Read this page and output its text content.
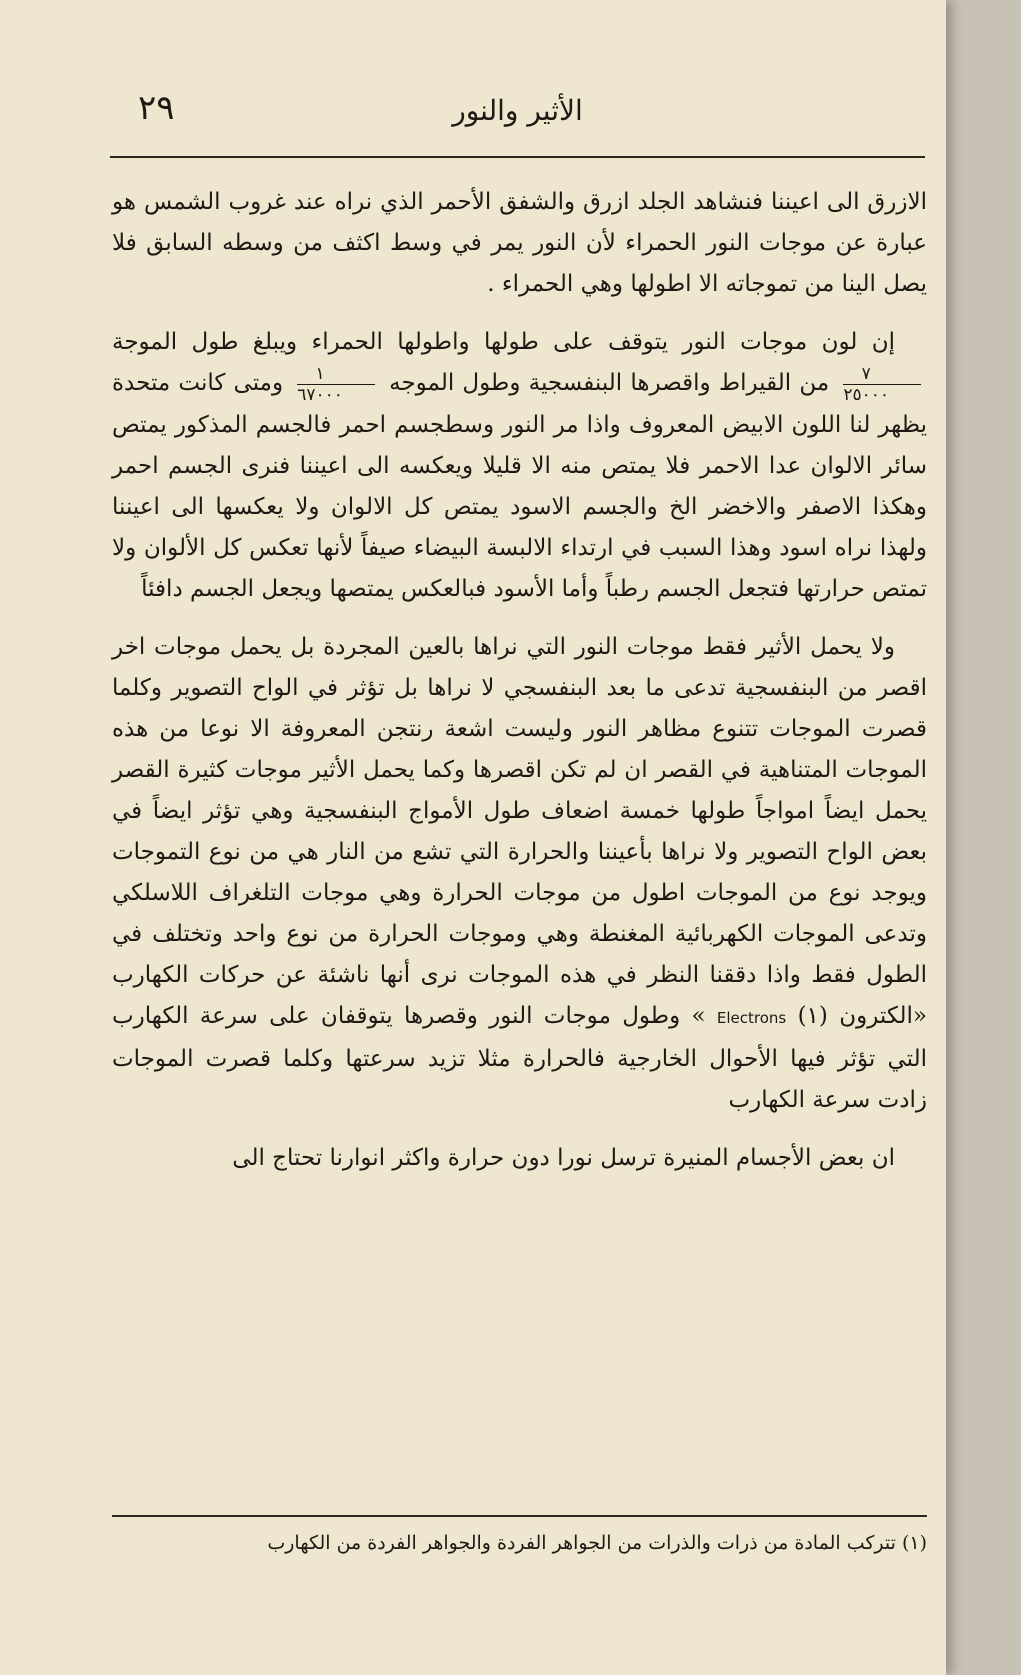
٢٩	الأثير والنور

الازرق الى اعيننا فنشاهد الجلد ازرق والشفق الأحمر الذي نراه عند غروب الشمس هو عبارة عن موجات النور الحمراء لأن النور يمر في وسط اكثف من وسطه السابق فلا يصل الينا من تموجاته الا اطولها وهي الحمراء .

إن لون موجات النور يتوقف على طولها واطولها الحمراء ويبلغ طول الموجة
$\frac{٧}{٢٥٠٠٠}$
من القيراط واقصرها البنفسجية وطول الموجه
$\frac{١}{٦٧٠٠٠}$
ومتى كانت متحدة يظهر لنا اللون الابيض المعروف واذا مر النور وسطجسم احمر فالجسم المذكور يمتص سائر الالوان عدا الاحمر فلا يمتص منه الا قليلا ويعكسه الى اعيننا فنرى الجسم احمر وهكذا الاصفر والاخضر الخ والجسم الاسود يمتص كل الالوان ولا يعكسها الى اعيننا ولهذا نراه اسود وهذا السبب في ارتداء الالبسة البيضاء صيفاً لأنها تعكس كل الألوان ولا تمتص حرارتها فتجعل الجسم رطباً وأما الأسود فبالعكس يمتصها ويجعل الجسم دافئاً

ولا يحمل الأثير فقط موجات النور التي نراها بالعين المجردة بل يحمل موجات اخر اقصر من البنفسجية تدعى ما بعد البنفسجي لا نراها بل تؤثر في الواح التصوير وكلما قصرت الموجات تتنوع مظاهر النور وليست اشعة رنتجن المعروفة الا نوعا من هذه الموجات المتناهية في القصر ان لم تكن اقصرها وكما يحمل الأثير موجات كثيرة القصر يحمل ايضاً امواجاً طولها خمسة اضعاف طول الأمواج البنفسجية وهي تؤثر ايضاً في بعض الواح التصوير ولا نراها بأعيننا والحرارة التي تشع من النار هي من نوع التموجات ويوجد نوع من الموجات اطول من موجات الحرارة وهي موجات التلغراف اللاسلكي وتدعى الموجات الكهربائية المغنطة وهي وموجات الحرارة من نوع واحد وتختلف في الطول فقط واذا دققنا النظر في هذه الموجات نرى أنها ناشئة عن حركات الكهارب «الكترون (١) Electrons » وطول موجات النور وقصرها يتوقفان على سرعة الكهارب التي تؤثر فيها الأحوال الخارجية فالحرارة مثلا تزيد سرعتها وكلما قصرت الموجات زادت سرعة الكهارب

ان بعض الأجسام المنيرة ترسل نورا دون حرارة واكثر انوارنا تحتاج الى

(١) تتركب المادة من ذرات والذرات من الجواهر الفردة والجواهر الفردة من الكهارب
